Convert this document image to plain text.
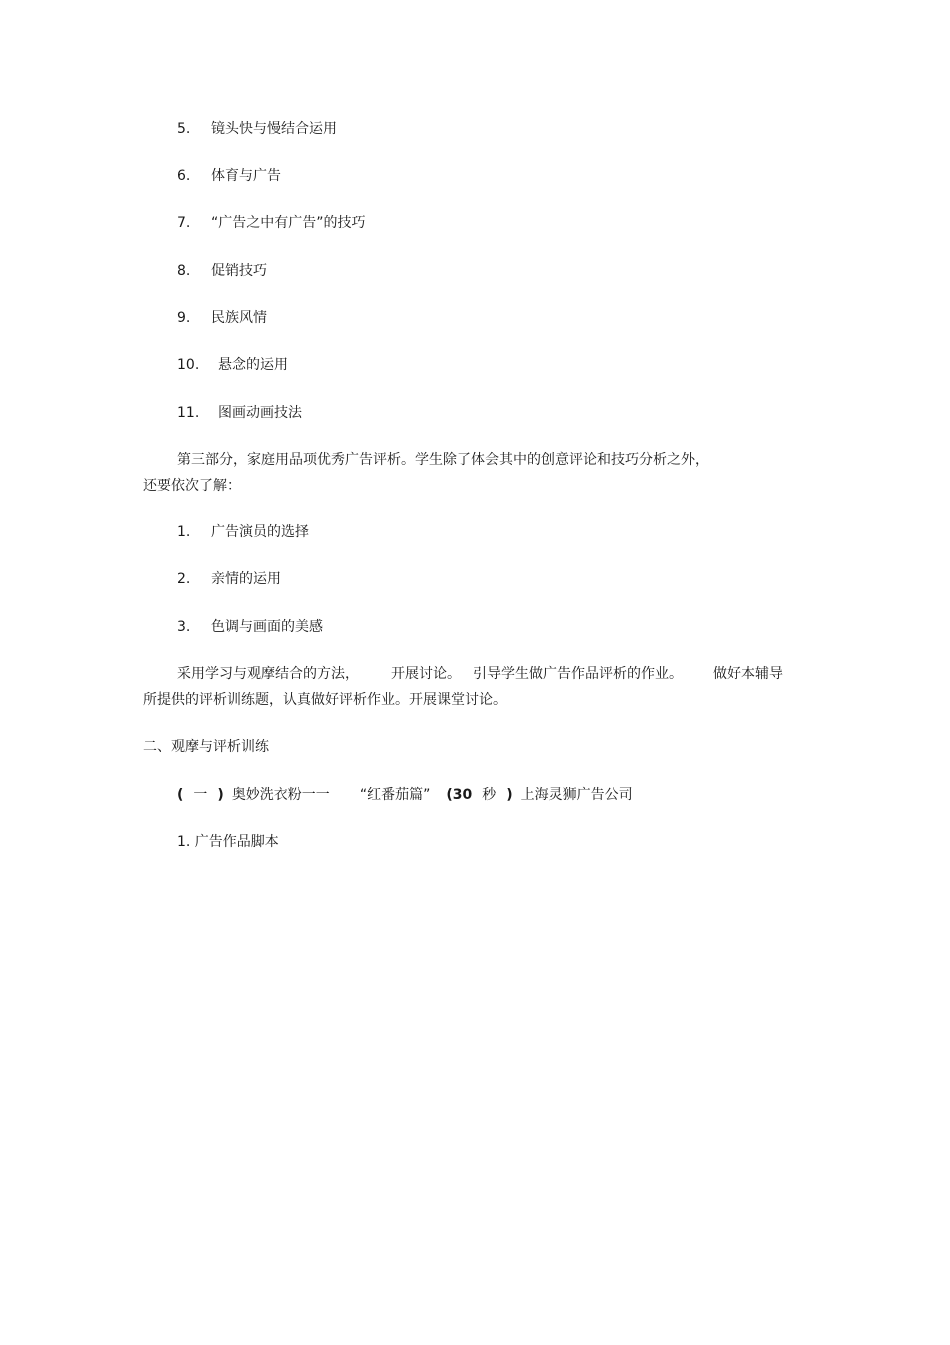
5. 镜头快与慢结合运用
6. 体育与广告
7. “广告之中有广告”的技巧
8. 促销技巧
9. 民族风情
10. 悬念的运用
11. 图画动画技法
第三部分，家庭用品项优秀广告评析。学生除了体会其中的创意评论和技巧分析之外，
还要依次了解：
1. 广告演员的选择
2. 亲情的运用
3. 色调与画面的美感
采用学习与观摩结合的方法， 开展讨论。 引导学生做广告作品评析的作业。 做好本辅导
所提供的评析训练题，认真做好评析作业。开展课堂讨论。
二、观摩与评析训练
( 一 ) 奥妙洗衣粉一一 “红番茄篇” (30 秒 ) 上海灵狮广告公司
1. 广告作品脚本
